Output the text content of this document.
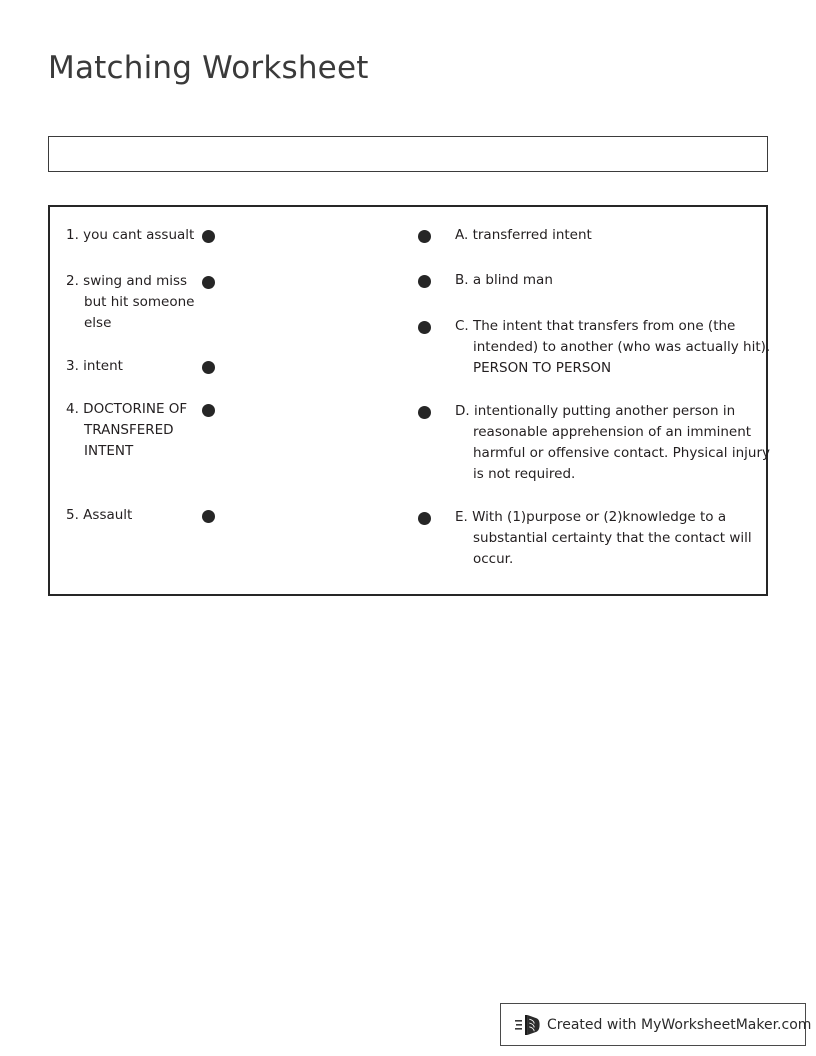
Matching Worksheet
1. you cant assualt
2. swing and miss but hit someone else
3. intent
4. DOCTORINE OF TRANSFERED INTENT
5. Assault
A. transferred intent
B. a blind man
C. The intent that transfers from one (the intended) to another (who was actually hit). PERSON TO PERSON
D. intentionally putting another person in reasonable apprehension of an imminent harmful or offensive contact. Physical injury is not required.
E. With (1)purpose or (2)knowledge to a substantial certainty that the contact will occur.
Created with MyWorksheetMaker.com
